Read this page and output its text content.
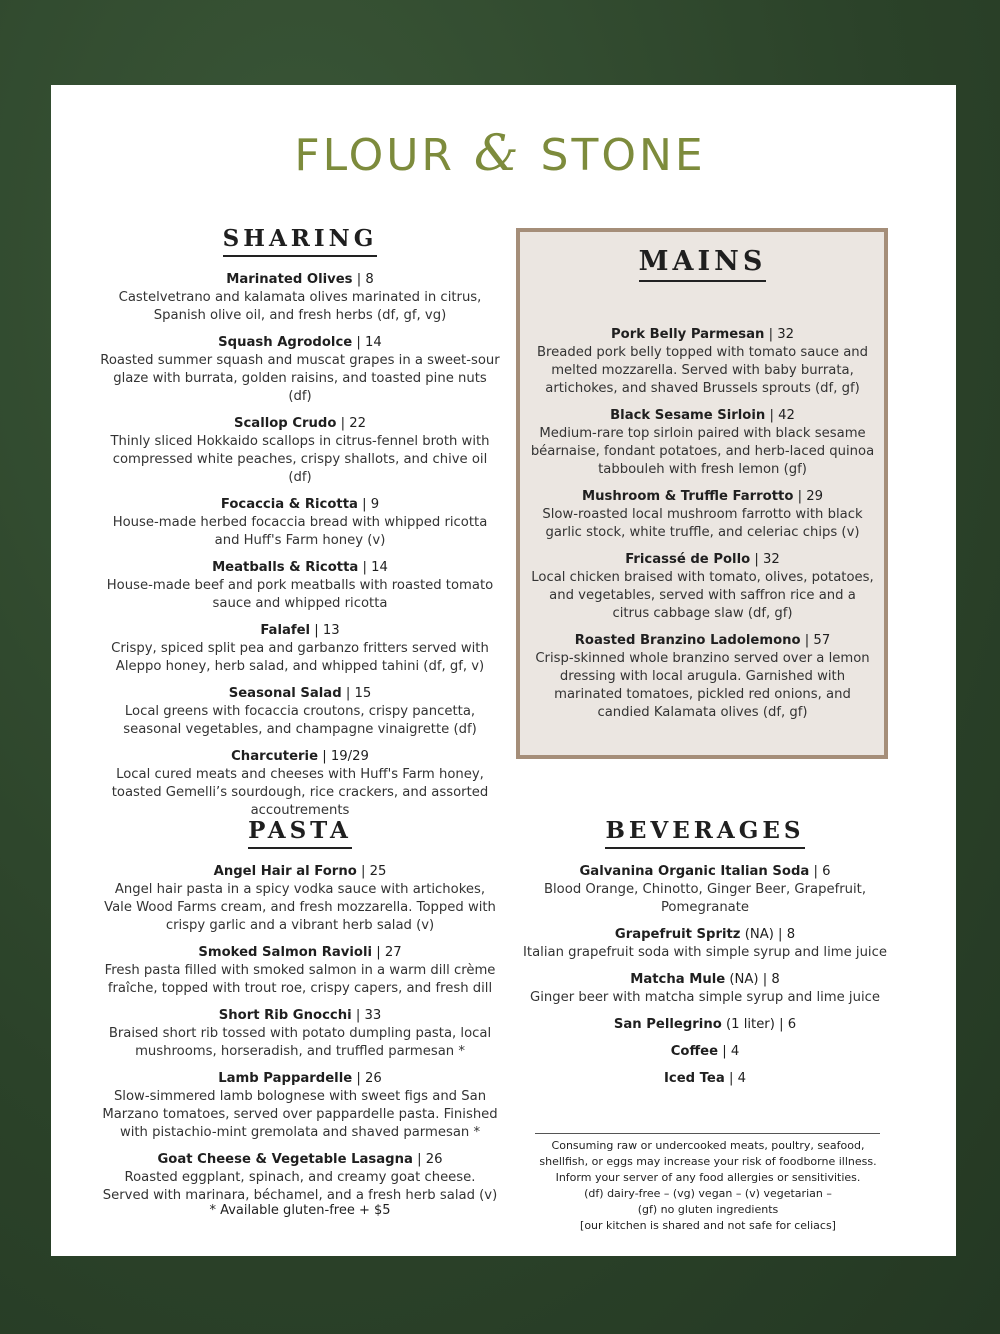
FLOUR & STONE
SHARING
Marinated Olives | 8
Castelvetrano and kalamata olives marinated in citrus, Spanish olive oil, and fresh herbs (df, gf, vg)
Squash Agrodolce | 14
Roasted summer squash and muscat grapes in a sweet-sour glaze with burrata, golden raisins, and toasted pine nuts (df)
Scallop Crudo | 22
Thinly sliced Hokkaido scallops in citrus-fennel broth with compressed white peaches, crispy shallots, and chive oil (df)
Focaccia & Ricotta | 9
House-made herbed focaccia bread with whipped ricotta and Huff's Farm honey (v)
Meatballs & Ricotta | 14
House-made beef and pork meatballs with roasted tomato sauce and whipped ricotta
Falafel | 13
Crispy, spiced split pea and garbanzo fritters served with Aleppo honey, herb salad, and whipped tahini (df, gf, v)
Seasonal Salad | 15
Local greens with focaccia croutons, crispy pancetta, seasonal vegetables, and champagne vinaigrette (df)
Charcuterie | 19/29
Local cured meats and cheeses with Huff's Farm honey, toasted Gemelli’s sourdough, rice crackers, and assorted accoutrements
MAINS
Pork Belly Parmesan | 32
Breaded pork belly topped with tomato sauce and melted mozzarella. Served with baby burrata, artichokes, and shaved Brussels sprouts (df, gf)
Black Sesame Sirloin | 42
Medium-rare top sirloin paired with black sesame béarnaise, fondant potatoes, and herb-laced quinoa tabbouleh with fresh lemon (gf)
Mushroom & Truffle Farrotto | 29
Slow-roasted local mushroom farrotto with black garlic stock, white truffle, and celeriac chips (v)
Fricassé de Pollo | 32
Local chicken braised with tomato, olives, potatoes, and vegetables, served with saffron rice and a citrus cabbage slaw (df, gf)
Roasted Branzino Ladolemono | 57
Crisp-skinned whole branzino served over a lemon dressing with local arugula. Garnished with marinated tomatoes, pickled red onions, and candied Kalamata olives (df, gf)
PASTA
Angel Hair al Forno | 25
Angel hair pasta in a spicy vodka sauce with artichokes, Vale Wood Farms cream, and fresh mozzarella. Topped with crispy garlic and a vibrant herb salad (v)
Smoked Salmon Ravioli | 27
Fresh pasta filled with smoked salmon in a warm dill crème fraîche, topped with trout roe, crispy capers, and fresh dill
Short Rib Gnocchi | 33
Braised short rib tossed with potato dumpling pasta, local mushrooms, horseradish, and truffled parmesan *
Lamb Pappardelle | 26
Slow-simmered lamb bolognese with sweet figs and San Marzano tomatoes, served over pappardelle pasta. Finished with pistachio-mint gremolata and shaved parmesan *
Goat Cheese & Vegetable Lasagna | 26
Roasted eggplant, spinach, and creamy goat cheese. Served with marinara, béchamel, and a fresh herb salad (v)
* Available gluten-free + $5
BEVERAGES
Galvanina Organic Italian Soda | 6
Blood Orange, Chinotto, Ginger Beer, Grapefruit, Pomegranate
Grapefruit Spritz (NA) | 8
Italian grapefruit soda with simple syrup and lime juice
Matcha Mule (NA) | 8
Ginger beer with matcha simple syrup and lime juice
San Pellegrino (1 liter) | 6
Coffee | 4
Iced Tea | 4
Consuming raw or undercooked meats, poultry, seafood,
shellfish, or eggs may increase your risk of foodborne illness.
Inform your server of any food allergies or sensitivities.
(df) dairy-free – (vg) vegan – (v) vegetarian –
(gf) no gluten ingredients
[our kitchen is shared and not safe for celiacs]
